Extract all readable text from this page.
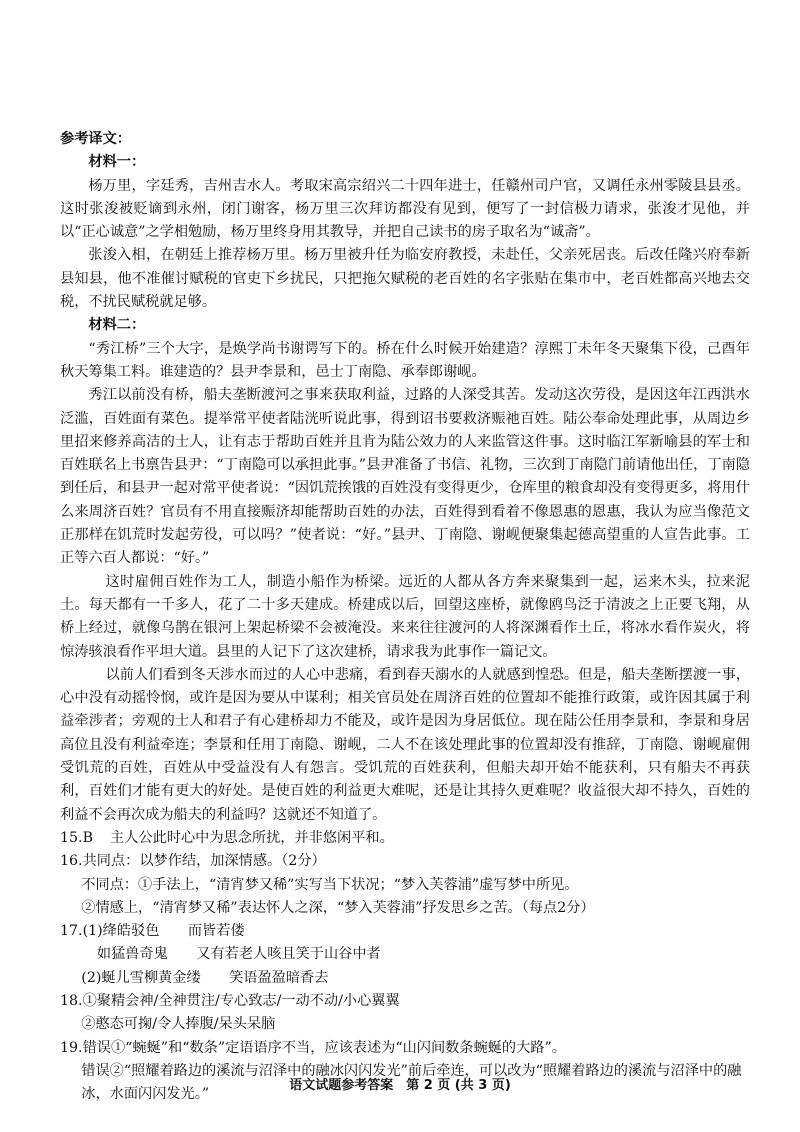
参考译文：

材料一：

杨万里，字廷秀，吉州吉水人。考取宋高宗绍兴二十四年进士，任赣州司户官，又调任永州零陵县县丞。这时张浚被贬谪到永州，闭门谢客，杨万里三次拜访都没有见到，便写了一封信极力请求，张浚才见他，并以“正心诚意”之学相勉励，杨万里终身用其教导，并把自己读书的房子取名为“诚斋”。

张浚入相，在朝廷上推荐杨万里。杨万里被升任为临安府教授，未赴任，父亲死居丧。后改任隆兴府奉新县知县，他不准催讨赋税的官吏下乡扰民，只把拖欠赋税的老百姓的名字张贴在集市中，老百姓都高兴地去交税，不扰民赋税就足够。

材料二：

“秀江桥”三个大字，是焕学尚书谢谔写下的。桥在什么时候开始建造？淳熙丁未年冬天聚集下役，己酉年秋天筹集工料。谁建造的？县尹李景和，邑士丁南隐、承奉郎谢岘。

秀江以前没有桥，船夫垄断渡河之事来获取利益，过路的人深受其苦。发动这次劳役，是因这年江西洪水泛滥，百姓面有菜色。提举常平使者陆洸听说此事，得到诏书要救济赈祂百姓。陆公奉命处理此事，从周边乡里招来修养高洁的士人，让有志于帮助百姓并且肯为陆公效力的人来监管这件事。这时临江军新喻县的军士和百姓联名上书禀告县尹：“丁南隐可以承担此事。”县尹准备了书信、礼物，三次到丁南隐门前请他出任，丁南隐到任后，和县尹一起对常平使者说：“因饥荒挨饿的百姓没有变得更少，仓库里的粮食却没有变得更多，将用什么来周济百姓？官员有不用直接赈济却能帮助百姓的办法，百姓得到看着不像恩惠的恩惠，我认为应当像范文正那样在饥荒时发起劳役，可以吗？”使者说：“好。”县尹、丁南隐、谢岘便聚集起德高望重的人宣告此事。工正等六百人都说：“好。”

这时雇佣百姓作为工人，制造小船作为桥梁。远近的人都从各方奔来聚集到一起，运来木头，拉来泥土。每天都有一千多人，花了二十多天建成。桥建成以后，回望这座桥，就像鸥鸟泛于清波之上正要飞翔，从桥上经过，就像乌鹊在银河上架起桥梁不会被淹没。来来往往渡河的人将深渊看作土丘，将冰水看作炭火，将惊涛骇浪看作平坦大道。县里的人记下了这次建桥，请求我为此事作一篇记文。

以前人们看到冬天涉水而过的人心中悲痛，看到春天溺水的人就感到惶恐。但是，船夫垄断摆渡一事，心中没有动摇怜悯，或许是因为要从中谋利；相关官员处在周济百姓的位置却不能推行政策，或许因其属于利益牵涉者；旁观的士人和君子有心建桥却力不能及，或许是因为身居低位。现在陆公任用李景和，李景和身居高位且没有利益牵连；李景和任用丁南隐、谢岘，二人不在该处理此事的位置却没有推辞，丁南隐、谢岘雇佣受饥荒的百姓，百姓从中受益没有人有怨言。受饥荒的百姓获利，但船夫却开始不能获利，只有船夫不再获利，百姓们才能有更大的好处。是使百姓的利益更大难呢，还是让其持久更难呢？收益很大却不持久，百姓的利益不会再次成为船夫的利益吗？这就还不知道了。

15.B 主人公此时心中为思念所扰，并非悠闲平和。

16.共同点：以梦作结，加深情感。（2分）

不同点：①手法上，“清宵梦又稀”实写当下状况；“梦入芙蓉浦”虚写梦中所见。

②情感上，“清宵梦又稀”表达怀人之深，“梦入芙蓉浦”抒发思乡之苦。（每点2分）

17.(1)绛皓驳色 而皆若偻

如猛兽奇鬼 又有若老人咳且笑于山谷中者

(2)蜒儿雪柳黄金缕 笑语盈盈暗香去

18.①聚精会神/全神贯注/专心致志/一动不动/小心翼翼

②憨态可掬/令人捧腹/呆头呆脑

19.错误①“蜿蜒”和“数条”定语语序不当，应该表述为“山闪间数条蜿蜒的大路”。

错误②“照耀着路边的溪流与沼泽中的融冰闪闪发光”前后牵连，可以改为“照耀着路边的溪流与沼泽中的融冰，水面闪闪发光。”

语文试题参考答案　第 2 页 (共 3 页)
